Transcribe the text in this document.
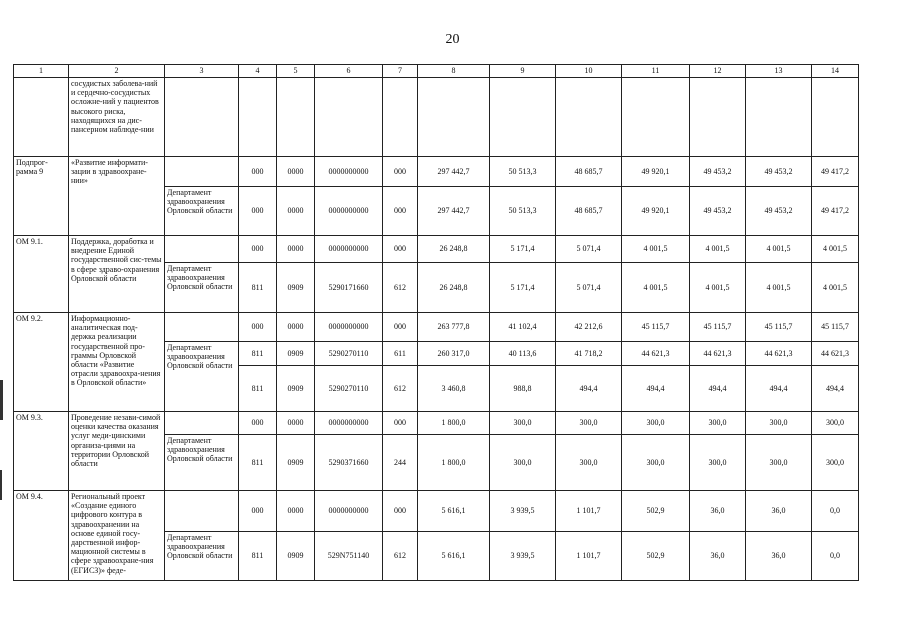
20
1	2	3	4	5	6	7	8	9	10	11	12	13	14
	сосудистых заболева-ний и сердечно-сосудистых осложне-ний у пациентов высокого риска, находящихся на дис-пансерном наблюде-нии												
Подпрог-рамма 9	«Развитие информати-зации в здравоохране-нии»		000	0000	0000000000	000	297 442,7	50 513,3	48 685,7	49 920,1	49 453,2	49 453,2	49 417,2
		Департамент здравоохранения Орловской области	000	0000	0000000000	000	297 442,7	50 513,3	48 685,7	49 920,1	49 453,2	49 453,2	49 417,2
ОМ 9.1.	Поддержка, доработка и внедрение Единой государственной сис-темы в сфере здраво-охранения Орловской области		000	0000	0000000000	000	26 248,8	5 171,4	5 071,4	4 001,5	4 001,5	4 001,5	4 001,5
		Департамент здравоохранения Орловской области	811	0909	5290171660	612	26 248,8	5 171,4	5 071,4	4 001,5	4 001,5	4 001,5	4 001,5
ОМ 9.2.	Информационно-аналитическая под-держка реализации государственной про-граммы Орловской области «Развитие отрасли здравоохра-нения в Орловской области»		000	0000	0000000000	000	263 777,8	41 102,4	42 212,6	45 115,7	45 115,7	45 115,7	45 115,7
		Департамент здравоохранения Орловской области	811	0909	5290270110	611	260 317,0	40 113,6	41 718,2	44 621,3	44 621,3	44 621,3	44 621,3
			811	0909	5290270110	612	3 460,8	988,8	494,4	494,4	494,4	494,4	494,4
ОМ 9.3.	Проведение незави-симой оценки качества оказания услуг меди-цинскими организа-циями на территории Орловской области		000	0000	0000000000	000	1 800,0	300,0	300,0	300,0	300,0	300,0	300,0
		Департамент здравоохранения Орловской области	811	0909	5290371660	244	1 800,0	300,0	300,0	300,0	300,0	300,0	300,0
ОМ 9.4.	Региональный проект «Создание единого цифрового контура в здравоохранении на основе единой госу-дарственной инфор-мационной системы в сфере здравоохране-ния (ЕГИСЗ)» феде-		000	0000	0000000000	000	5 616,1	3 939,5	1 101,7	502,9	36,0	36,0	0,0
		Департамент здравоохранения Орловской области	811	0909	529N751140	612	5 616,1	3 939,5	1 101,7	502,9	36,0	36,0	0,0
